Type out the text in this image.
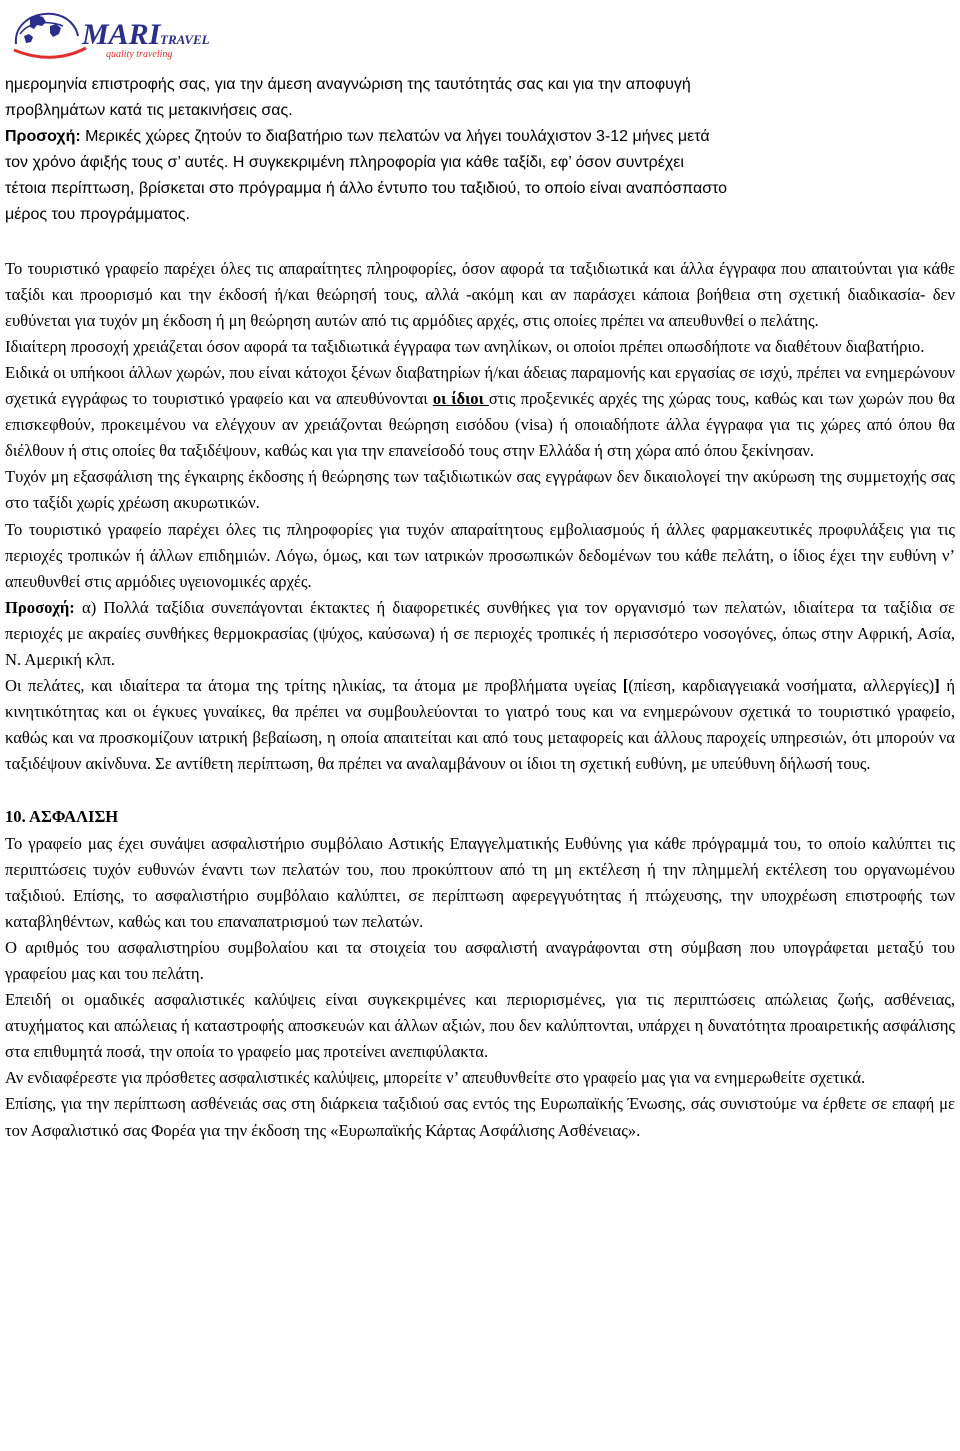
MARI TRAVEL
quality traveling

ημερομηνία επιστροφής σας, για την άμεση αναγνώριση της ταυτότητάς σας και για την αποφυγή

προβλημάτων κατά τις μετακινήσεις σας.

Προσοχή: Μερικές χώρες ζητούν το διαβατήριο των πελατών να λήγει τουλάχιστον 3-12 μήνες μετά

τον χρόνο άφιξής τους σ’ αυτές. Η συγκεκριμένη πληροφορία για κάθε ταξίδι, εφ’ όσον συντρέχει

τέτοια περίπτωση, βρίσκεται στο πρόγραμμα ή άλλο έντυπο του ταξιδιού, το οποίο είναι αναπόσπαστο

μέρος του προγράμματος.

Το τουριστικό γραφείο παρέχει όλες τις απαραίτητες πληροφορίες, όσον αφορά τα ταξιδιωτικά και άλλα έγγραφα που απαιτούνται για κάθε ταξίδι και προορισμό και την έκδοσή ή/και θεώρησή τους, αλλά -ακόμη και αν παράσχει κάποια βοήθεια στη σχετική διαδικασία- δεν ευθύνεται για τυχόν μη έκδοση ή μη θεώρηση αυτών από τις αρμόδιες αρχές, στις οποίες πρέπει να απευθυνθεί ο πελάτης.

Ιδιαίτερη προσοχή χρειάζεται όσον αφορά τα ταξιδιωτικά έγγραφα των ανηλίκων, οι οποίοι πρέπει οπωσδήποτε να διαθέτουν διαβατήριο.

Ειδικά οι υπήκοοι άλλων χωρών, που είναι κάτοχοι ξένων διαβατηρίων ή/και άδειας παραμονής και εργασίας σε ισχύ, πρέπει να ενημερώνουν σχετικά εγγράφως το τουριστικό γραφείο και να απευθύνονται οι ίδιοι στις προξενικές αρχές της χώρας τους, καθώς και των χωρών που θα επισκεφθούν, προκειμένου να ελέγχουν αν χρειάζονται θεώρηση εισόδου (visa) ή οποιαδήποτε άλλα έγγραφα για τις χώρες από όπου θα διέλθουν ή στις οποίες θα ταξιδέψουν, καθώς και για την επανείσοδό τους στην Ελλάδα ή στη χώρα από όπου ξεκίνησαν.

Τυχόν μη εξασφάλιση της έγκαιρης έκδοσης ή θεώρησης των ταξιδιωτικών σας εγγράφων δεν δικαιολογεί την ακύρωση της συμμετοχής σας στο ταξίδι χωρίς χρέωση ακυρωτικών.

Το τουριστικό γραφείο παρέχει όλες τις πληροφορίες για τυχόν απαραίτητους εμβολιασμούς ή άλλες φαρμακευτικές προφυλάξεις για τις περιοχές τροπικών ή άλλων επιδημιών. Λόγω, όμως, και των ιατρικών προσωπικών δεδομένων του κάθε πελάτη, ο ίδιος έχει την ευθύνη ν’ απευθυνθεί στις αρμόδιες υγειονομικές αρχές.

Προσοχή: α) Πολλά ταξίδια συνεπάγονται έκτακτες ή διαφορετικές συνθήκες για τον οργανισμό των πελατών, ιδιαίτερα τα ταξίδια σε περιοχές με ακραίες συνθήκες θερμοκρασίας (ψύχος, καύσωνα) ή σε περιοχές τροπικές ή περισσότερο νοσογόνες, όπως στην Αφρική, Ασία, Ν. Αμερική κλπ.

Οι πελάτες, και ιδιαίτερα τα άτομα της τρίτης ηλικίας, τα άτομα με προβλήματα υγείας [(πίεση, καρδιαγγειακά νοσήματα, αλλεργίες)] ή κινητικότητας και οι έγκυες γυναίκες, θα πρέπει να συμβουλεύονται το γιατρό τους και να ενημερώνουν σχετικά το τουριστικό γραφείο, καθώς και να προσκομίζουν ιατρική βεβαίωση, η οποία απαιτείται και από τους μεταφορείς και άλλους παροχείς υπηρεσιών, ότι μπορούν να ταξιδέψουν ακίνδυνα. Σε αντίθετη περίπτωση, θα πρέπει να αναλαμβάνουν οι ίδιοι τη σχετική ευθύνη, με υπεύθυνη δήλωσή τους.

10. ΑΣΦΑΛΙΣΗ

Το γραφείο μας έχει συνάψει ασφαλιστήριο συμβόλαιο Αστικής Επαγγελματικής Ευθύνης για κάθε πρόγραμμά του, το οποίο καλύπτει τις περιπτώσεις τυχόν ευθυνών έναντι των πελατών του, που προκύπτουν από τη μη εκτέλεση ή την πλημμελή εκτέλεση του οργανωμένου ταξιδιού. Επίσης, το ασφαλιστήριο συμβόλαιο καλύπτει, σε περίπτωση αφερεγγυότητας ή πτώχευσης, την υποχρέωση επιστροφής των καταβληθέντων, καθώς και του επαναπατρισμού των πελατών.

Ο αριθμός του ασφαλιστηρίου συμβολαίου και τα στοιχεία του ασφαλιστή αναγράφονται στη σύμβαση που υπογράφεται μεταξύ του γραφείου μας και του πελάτη.

Επειδή οι ομαδικές ασφαλιστικές καλύψεις είναι συγκεκριμένες και περιορισμένες, για τις περιπτώσεις απώλειας ζωής, ασθένειας, ατυχήματος και απώλειας ή καταστροφής αποσκευών και άλλων αξιών, που δεν καλύπτονται, υπάρχει η δυνατότητα προαιρετικής ασφάλισης στα επιθυμητά ποσά, την οποία το γραφείο μας προτείνει ανεπιφύλακτα.

Αν ενδιαφέρεστε για πρόσθετες ασφαλιστικές καλύψεις, μπορείτε ν’ απευθυνθείτε στο γραφείο μας για να ενημερωθείτε σχετικά.

Επίσης, για την περίπτωση ασθένειάς σας στη διάρκεια ταξιδιού σας εντός της Ευρωπαϊκής Ένωσης, σάς συνιστούμε να έρθετε σε επαφή με τον Ασφαλιστικό σας Φορέα για την έκδοση της «Ευρωπαϊκής Κάρτας Ασφάλισης Ασθένειας».
